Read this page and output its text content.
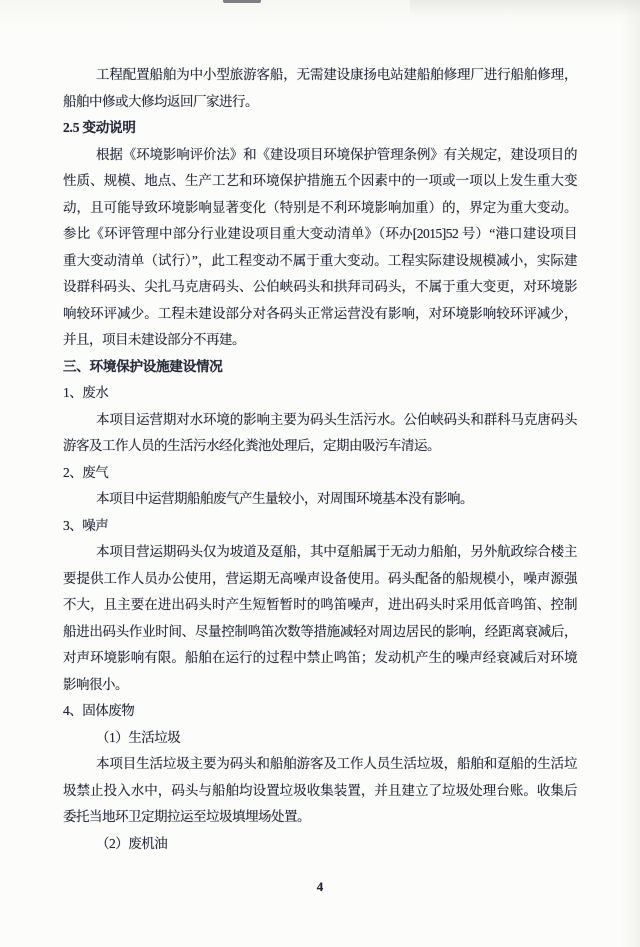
工程配置船舶为中小型旅游客船，无需建设康扬电站建船舶修理厂进行船舶修理，
船舶中修或大修均返回厂家进行。
2.5 变动说明
根据《环境影响评价法》和《建设项目环境保护管理条例》有关规定，建设项目的
性质、规模、地点、生产工艺和环境保护措施五个因素中的一项或一项以上发生重大变
动，且可能导致环境影响显著变化（特别是不利环境影响加重）的，界定为重大变动。
参比《环评管理中部分行业建设项目重大变动清单》（环办[2015]52 号）“港口建设项目
重大变动清单（试行）”，此工程变动不属于重大变动。工程实际建设规模减小，实际建
设群科码头、尖扎马克唐码头、公伯峡码头和拱拜司码头，不属于重大变更，对环境影
响较环评减少。工程未建设部分对各码头正常运营没有影响，对环境影响较环评减少，
并且，项目未建设部分不再建。
三、环境保护设施建设情况
1、废水
本项目运营期对水环境的影响主要为码头生活污水。公伯峡码头和群科马克唐码头
游客及工作人员的生活污水经化粪池处理后，定期由吸污车清运。
2、废气
本项目中运营期船舶废气产生量较小，对周围环境基本没有影响。
3、噪声
本项目营运期码头仅为坡道及趸船，其中趸船属于无动力船舶，另外航政综合楼主
要提供工作人员办公使用，营运期无高噪声设备使用。码头配备的船规模小，噪声源强
不大，且主要在进出码头时产生短暂暂时的鸣笛噪声，进出码头时采用低音鸣笛、控制
船进出码头作业时间、尽量控制鸣笛次数等措施减轻对周边居民的影响，经距离衰减后，
对声环境影响有限。船舶在运行的过程中禁止鸣笛；发动机产生的噪声经衰减后对环境
影响很小。
4、固体废物
（1）生活垃圾
本项目生活垃圾主要为码头和船舶游客及工作人员生活垃圾，船舶和趸船的生活垃
圾禁止投入水中，码头与船舶均设置垃圾收集装置，并且建立了垃圾处理台账。收集后
委托当地环卫定期拉运至垃圾填埋场处置。
（2）废机油
4
